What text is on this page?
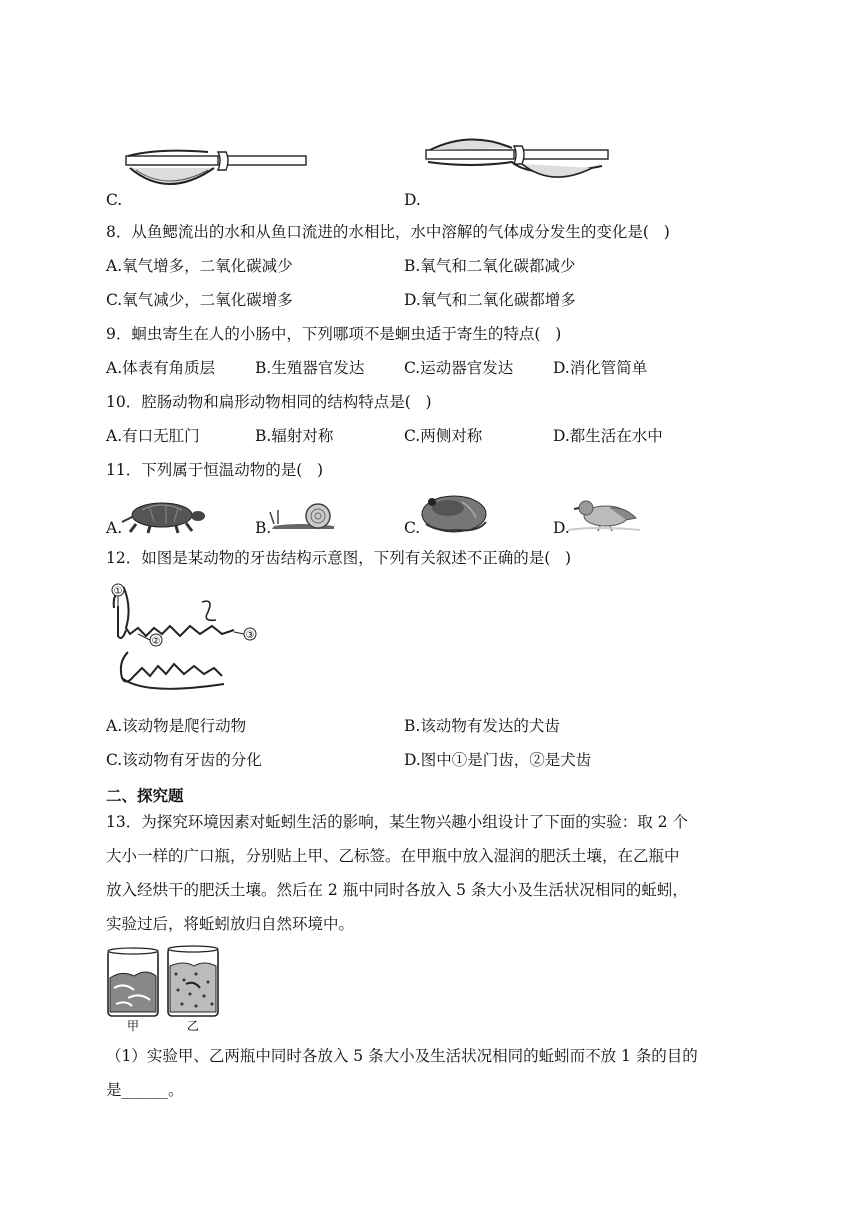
C.	D.
8．从鱼鳃流出的水和从鱼口流进的水相比，水中溶解的气体成分发生的变化是(   )
A.氧气增多，二氧化碳减少	B.氧气和二氧化碳都减少
C.氧气减少，二氧化碳增多	D.氧气和二氧化碳都增多
9．蛔虫寄生在人的小肠中，下列哪项不是蛔虫适于寄生的特点(   )
A.体表有角质层	B.生殖器官发达	C.运动器官发达	D.消化管简单
10．腔肠动物和扁形动物相同的结构特点是(   )
A.有口无肛门	B.辐射对称	C.两侧对称	D.都生活在水中
11．下列属于恒温动物的是(   )
A.	B.	C.	D.
12．如图是某动物的牙齿结构示意图，下列有关叙述不正确的是(   )
①
②
③
A.该动物是爬行动物	B.该动物有发达的犬齿
C.该动物有牙齿的分化	D.图中①是门齿，②是犬齿
二、探究题
13．为探究环境因素对蚯蚓生活的影响，某生物兴趣小组设计了下面的实验：取 2 个
大小一样的广口瓶，分别贴上甲、乙标签。在甲瓶中放入湿润的肥沃土壤，在乙瓶中
放入经烘干的肥沃土壤。然后在 2 瓶中同时各放入 5 条大小及生活状况相同的蚯蚓，
实验过后，将蚯蚓放归自然环境中。
甲	乙
（1）实验甲、乙两瓶中同时各放入 5 条大小及生活状况相同的蚯蚓而不放 1 条的目的
是______。
